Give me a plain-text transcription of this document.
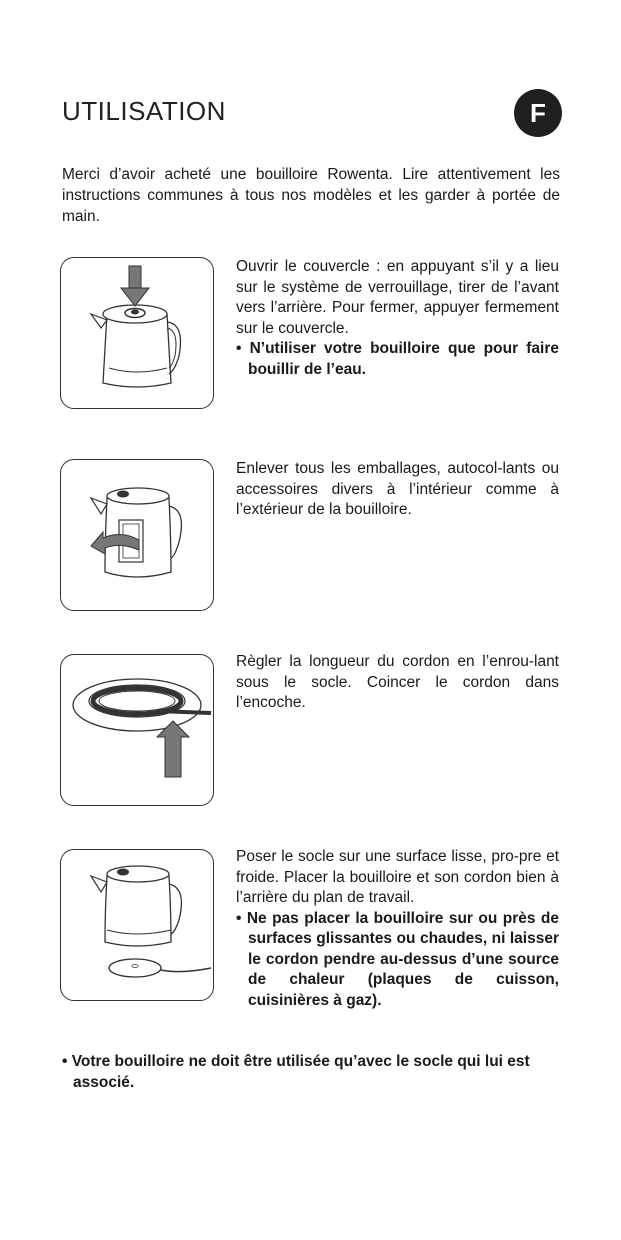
UTILISATION	F
Merci d’avoir acheté une bouilloire Rowenta. Lire attentivement les instructions communes à tous nos modèles et les garder à portée de main.

Ouvrir le couvercle : en appuyant s’il y a lieu sur le système de verrouillage, tirer de l’avant vers l’arrière. Pour fermer, appuyer fermement sur le couvercle.

• N’utiliser votre bouilloire que pour faire bouillir de l’eau.

Enlever tous les emballages, autocol-lants ou accessoires divers à l’intérieur comme à l’extérieur de la bouilloire.

Règler la longueur du cordon en l’enrou-lant sous le socle. Coincer le cordon dans l’encoche.

Poser le socle sur une surface lisse, pro-pre et froide. Placer la bouilloire et son cordon bien à l’arrière du plan de travail.

• Ne pas placer la bouilloire sur ou près de surfaces glissantes ou chaudes, ni laisser le cordon pendre au-dessus d’une source de chaleur (plaques de cuisson, cuisinières à gaz).

• Votre bouilloire ne doit être utilisée qu’avec le socle qui lui est associé.
